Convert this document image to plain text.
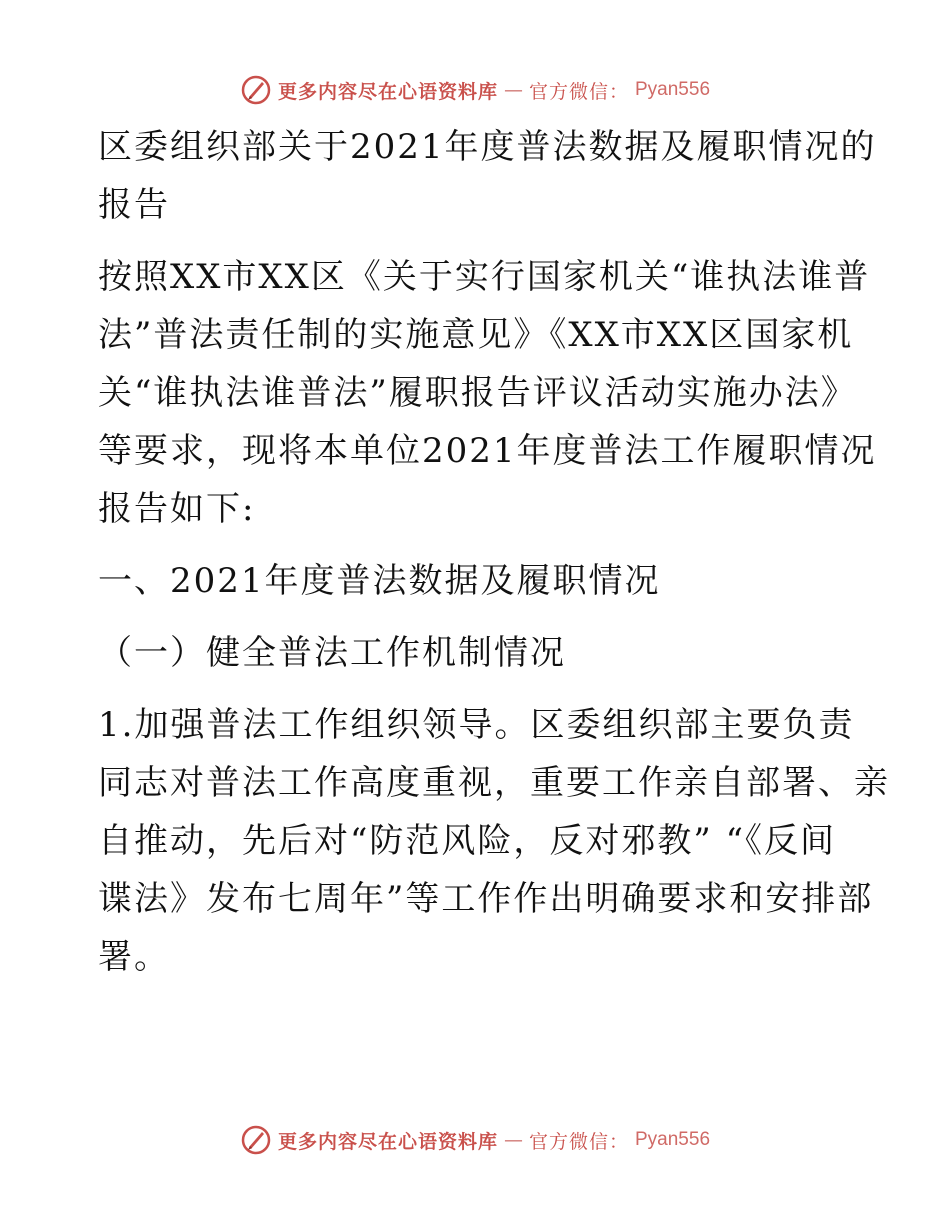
更多内容尽在心语资料库 — 官方微信： Pyan556

区委组织部关于2021年度普法数据及履职情况的

报告

按照XX市XX区《关于实行国家机关“谁执法谁普

法”普法责任制的实施意见》《XX市XX区国家机

关“谁执法谁普法”履职报告评议活动实施办法》

等要求，现将本单位2021年度普法工作履职情况

报告如下:

一、2021年度普法数据及履职情况

（一）健全普法工作机制情况

1.加强普法工作组织领导。区委组织部主要负责

同志对普法工作高度重视，重要工作亲自部署、亲

自推动，先后对“防范风险，反对邪教” “《反间

谍法》发布七周年”等工作作出明确要求和安排部

署。

更多内容尽在心语资料库 — 官方微信： Pyan556
